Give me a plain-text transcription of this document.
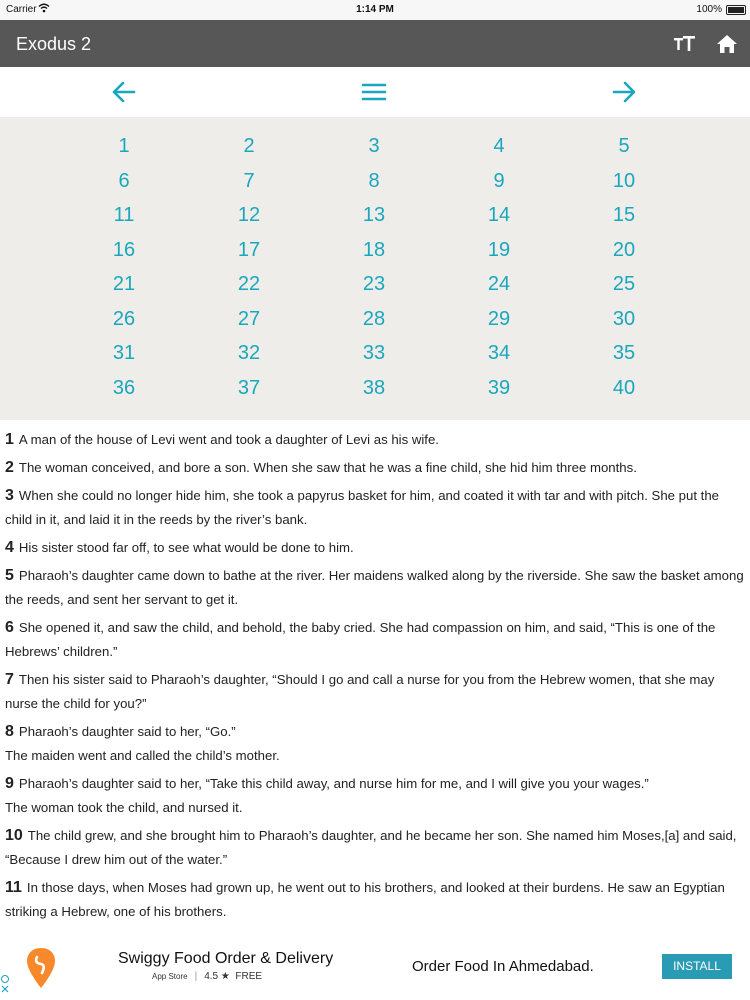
Carrier	1:14 PM	100%
Exodus 2
1	2	3	4	5
6	7	8	9	10
11	12	13	14	15
16	17	18	19	20
21	22	23	24	25
26	27	28	29	30
31	32	33	34	35
36	37	38	39	40
1 A man of the house of Levi went and took a daughter of Levi as his wife.
2 The woman conceived, and bore a son. When she saw that he was a fine child, she hid him three months.
3 When she could no longer hide him, she took a papyrus basket for him, and coated it with tar and with pitch. She put the child in it, and laid it in the reeds by the river’s bank.
4 His sister stood far off, to see what would be done to him.
5 Pharaoh’s daughter came down to bathe at the river. Her maidens walked along by the riverside. She saw the basket among the reeds, and sent her servant to get it.
6 She opened it, and saw the child, and behold, the baby cried. She had compassion on him, and said, “This is one of the Hebrews’ children.”
7 Then his sister said to Pharaoh’s daughter, “Should I go and call a nurse for you from the Hebrew women, that she may nurse the child for you?”
8 Pharaoh’s daughter said to her, “Go.”
The maiden went and called the child’s mother.
9 Pharaoh’s daughter said to her, “Take this child away, and nurse him for me, and I will give you your wages.”
The woman took the child, and nursed it.
10 The child grew, and she brought him to Pharaoh’s daughter, and he became her son. She named him Moses,[a] and said, “Because I drew him out of the water.”
11 In those days, when Moses had grown up, he went out to his brothers, and looked at their burdens. He saw an Egyptian striking a Hebrew, one of his brothers.
Swiggy Food Order & Delivery
App Store | 4.5 ★ FREE
Order Food In Ahmedabad.	INSTALL
